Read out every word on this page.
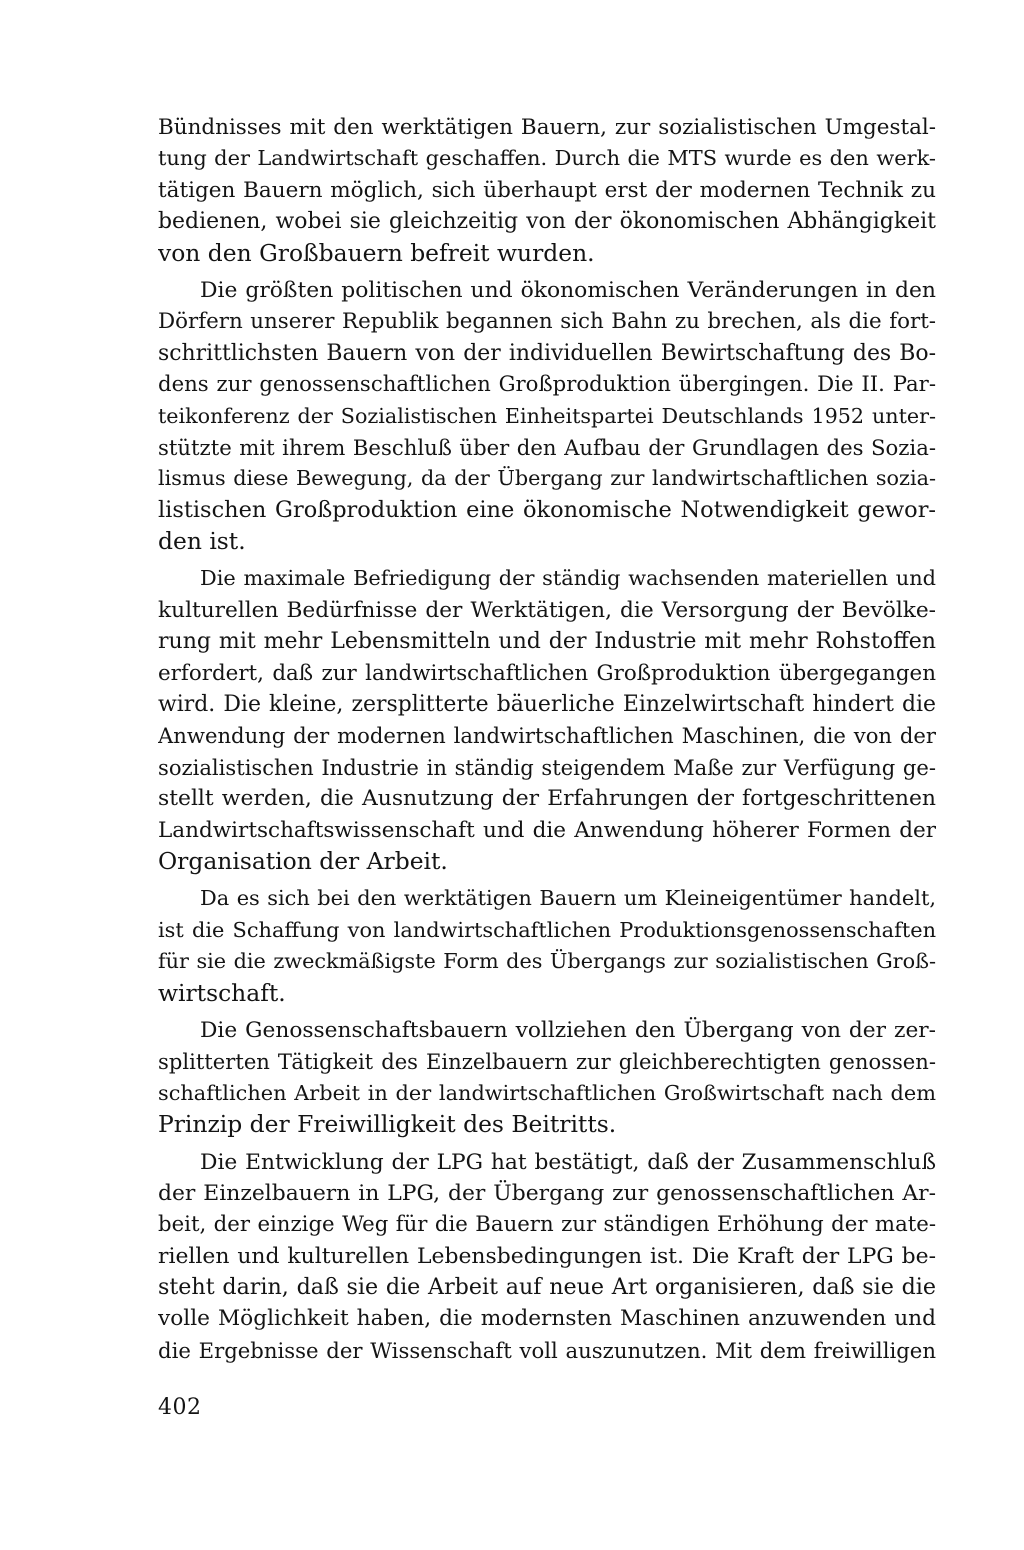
Bündnisses mit den werktätigen Bauern, zur sozialistischen Umgestal-
tung der Landwirtschaft geschaffen. Durch die MTS wurde es den werk-
tätigen Bauern möglich, sich überhaupt erst der modernen Technik zu
bedienen, wobei sie gleichzeitig von der ökonomischen Abhängigkeit
von den Großbauern befreit wurden.
Die größten politischen und ökonomischen Veränderungen in den
Dörfern unserer Republik begannen sich Bahn zu brechen, als die fort-
schrittlichsten Bauern von der individuellen Bewirtschaftung des Bo-
dens zur genossenschaftlichen Großproduktion übergingen. Die II. Par-
teikonferenz der Sozialistischen Einheitspartei Deutschlands 1952 unter-
stützte mit ihrem Beschluß über den Aufbau der Grundlagen des Sozia-
lismus diese Bewegung, da der Übergang zur landwirtschaftlichen sozia-
listischen Großproduktion eine ökonomische Notwendigkeit gewor-
den ist.
Die maximale Befriedigung der ständig wachsenden materiellen und
kulturellen Bedürfnisse der Werktätigen, die Versorgung der Bevölke-
rung mit mehr Lebensmitteln und der Industrie mit mehr Rohstoffen
erfordert, daß zur landwirtschaftlichen Großproduktion übergegangen
wird. Die kleine, zersplitterte bäuerliche Einzelwirtschaft hindert die
Anwendung der modernen landwirtschaftlichen Maschinen, die von der
sozialistischen Industrie in ständig steigendem Maße zur Verfügung ge-
stellt werden, die Ausnutzung der Erfahrungen der fortgeschrittenen
Landwirtschaftswissenschaft und die Anwendung höherer Formen der
Organisation der Arbeit.
Da es sich bei den werktätigen Bauern um Kleineigentümer handelt,
ist die Schaffung von landwirtschaftlichen Produktionsgenossenschaften
für sie die zweckmäßigste Form des Übergangs zur sozialistischen Groß-
wirtschaft.
Die Genossenschaftsbauern vollziehen den Übergang von der zer-
splitterten Tätigkeit des Einzelbauern zur gleichberechtigten genossen-
schaftlichen Arbeit in der landwirtschaftlichen Großwirtschaft nach dem
Prinzip der Freiwilligkeit des Beitritts.
Die Entwicklung der LPG hat bestätigt, daß der Zusammenschluß
der Einzelbauern in LPG, der Übergang zur genossenschaftlichen Ar-
beit, der einzige Weg für die Bauern zur ständigen Erhöhung der mate-
riellen und kulturellen Lebensbedingungen ist. Die Kraft der LPG be-
steht darin, daß sie die Arbeit auf neue Art organisieren, daß sie die
volle Möglichkeit haben, die modernsten Maschinen anzuwenden und
die Ergebnisse der Wissenschaft voll auszunutzen. Mit dem freiwilligen
402
